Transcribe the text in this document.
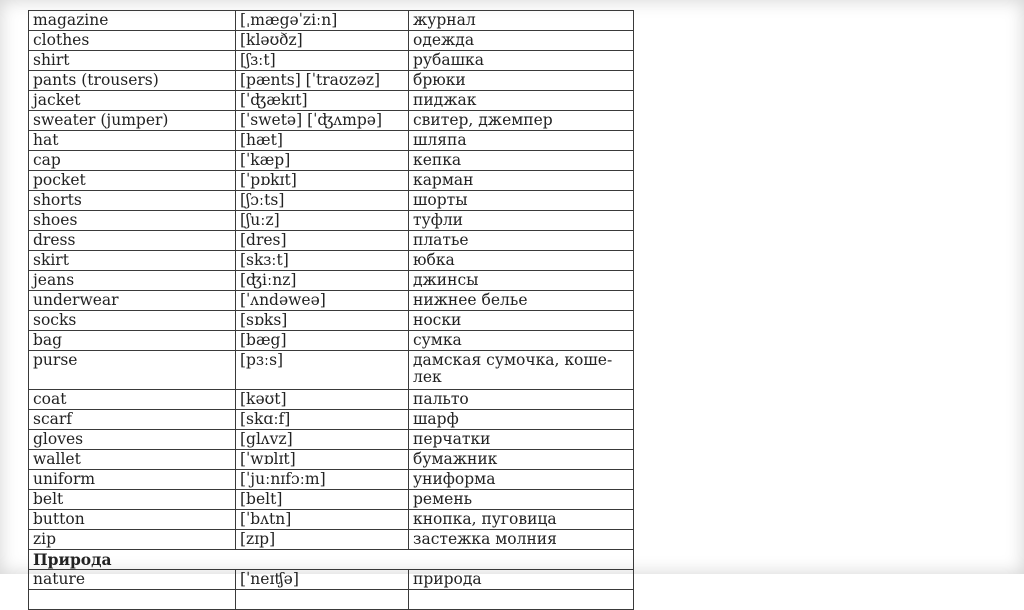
magazine	[ˌmægəˈziːn]	журнал
clothes	[kləʊðz]	одежда
shirt	[ʃɜːt]	рубашка
pants (trousers)	[pænts] [ˈtraʊzəz]	брюки
jacket	[ˈʤækɪt]	пиджак
sweater (jumper)	[ˈswetə] [ˈʤʌmpə]	свитер, джемпер
hat	[hæt]	шляпа
cap	[ˈkæp]	кепка
pocket	[ˈpɒkɪt]	карман
shorts	[ʃɔːts]	шорты
shoes	[ʃuːz]	туфли
dress	[dres]	платье
skirt	[skɜːt]	юбка
jeans	[ʤiːnz]	джинсы
underwear	[ˈʌndəweə]	нижнее белье
socks	[sɒks]	носки
bag	[bæg]	сумка
purse	[pɜːs]	дамская сумочка, коше-лек
coat	[kəʊt]	пальто
scarf	[skɑːf]	шарф
gloves	[glʌvz]	перчатки
wallet	[ˈwɒlɪt]	бумажник
uniform	[ˈjuːnɪfɔːm]	униформа
belt	[belt]	ремень
button	[ˈbʌtn]	кнопка, пуговица
zip	[zɪp]	застежка молния
Природа		
nature	[ˈneɪʧə]	природа
